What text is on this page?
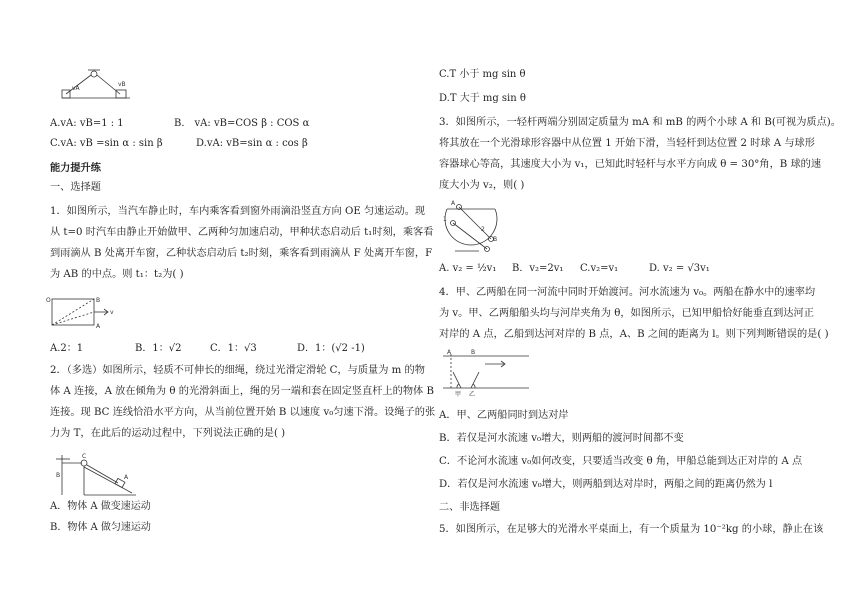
vA
vB
A.vA: vB=1 : 1	B． vA: vB=COS β : COS α
C.vA: vB =sin α : sin β	D.vA: vB=sin α : cos β
能力提升练
一、选择题
1．如图所示，当汽车静止时，车内乘客看到窗外雨滴沿竖直方向 OE 匀速运动。现
从 t=0 时汽车由静止开始做甲、乙两种匀加速启动，甲种状态启动后 t₁时刻，乘客看
到雨滴从 B 处离开车窗，乙种状态启动后 t₂时刻，乘客看到雨滴从 F 处离开车窗，F
为 AB 的中点。则 t₁：t₂为( )
O	B
A
v
A.2：1	B．1：√2	C．1：√3	D．1：(√2 -1)
2．（多选）如图所示，轻质不可伸长的细绳，绕过光滑定滑轮 C，与质量为 m 的物
体 A 连接，A 放在倾角为 θ 的光滑斜面上，绳的另一端和套在固定竖直杆上的物体 B
连接。现 BC 连线恰沿水平方向，从当前位置开始 B 以速度 v₀匀速下滑。设绳子的张
力为 T，在此后的运动过程中，下列说法正确的是( )
B
C
A
A．物体 A 做变速运动
B．物体 A 做匀速运动
C.T 小于 mg sin θ
D.T 大于 mg sin θ
3．如图所示，一轻杆两端分别固定质量为 mA 和 mB 的两个小球 A 和 B(可视为质点)。
将其放在一个光滑球形容器中从位置 1 开始下滑，当轻杆到达位置 2 时球 A 与球形
容器球心等高，其速度大小为 v₁，已知此时轻杆与水平方向成 θ = 30°角，B 球的速
度大小为 v₂，则( )
A
1
2
B
A. v₂ = ½v₁ B．v₂=2v₁ C.v₂=v₁	D. v₂ = √3v₁
4．甲、乙两船在同一河流中同时开始渡河。河水流速为 v₀。两船在静水中的速率均
为 v。甲、乙两船船头均与河岸夹角为 θ，如图所示，已知甲船恰好能垂直到达河正
对岸的 A 点，乙船到达河对岸的 B 点，A、B 之间的距离为 l。则下列判断错误的是( )
A	B
甲 乙
A．甲、乙两船同时到达对岸
B．若仅是河水流速 v₀增大，则两船的渡河时间都不变
C．不论河水流速 v₀如何改变，只要适当改变 θ 角，甲船总能到达正对岸的 A 点
D．若仅是河水流速 v₀增大，则两船到达对岸时，两船之间的距离仍然为 l
二、非选择题
5．如图所示，在足够大的光滑水平桌面上，有一个质量为 10⁻²kg 的小球，静止在该
